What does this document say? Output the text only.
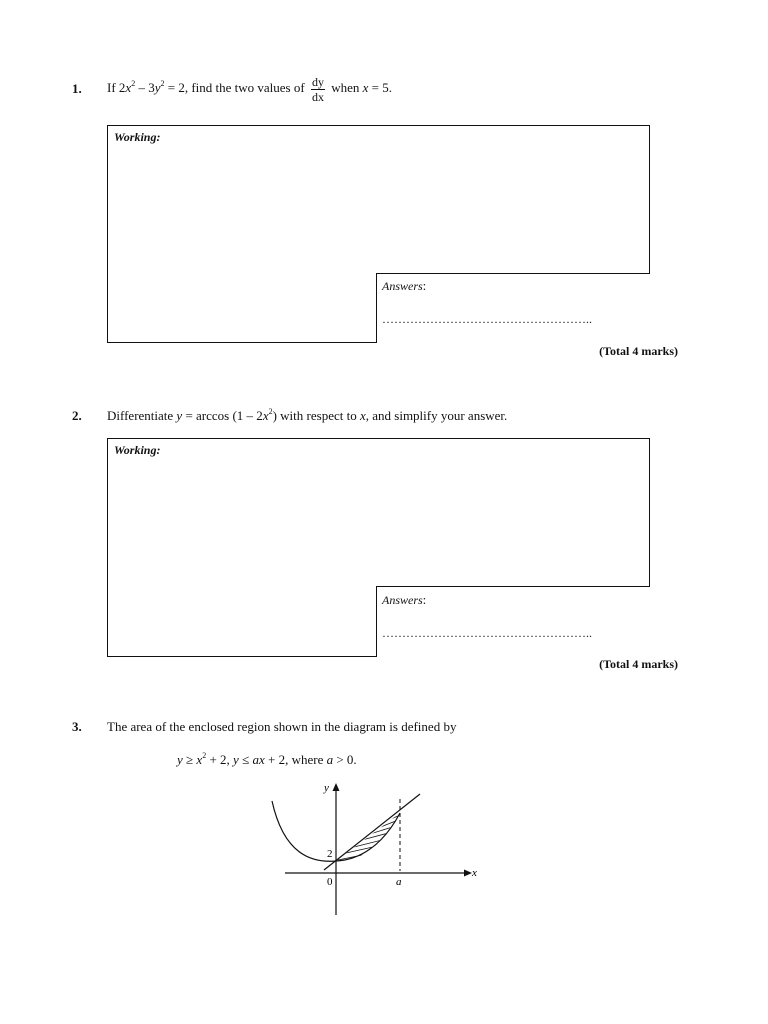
1. If $2x^2 - 3y^2 = 2$, find the two values of $\frac{dy}{dx}$ when x = 5.
Working:
Answers:
……………………………………………..
(Total 4 marks)
2. Differentiate $y = \arccos (1 - 2x^2)$ with respect to x, and simplify your answer.
Working:
Answers:
……………………………………………..
(Total 4 marks)
3. The area of the enclosed region shown in the diagram is defined by
$y \ge x^2 + 2$, y ≤ ax + 2, where a > 0.
y
x
0
2
a
